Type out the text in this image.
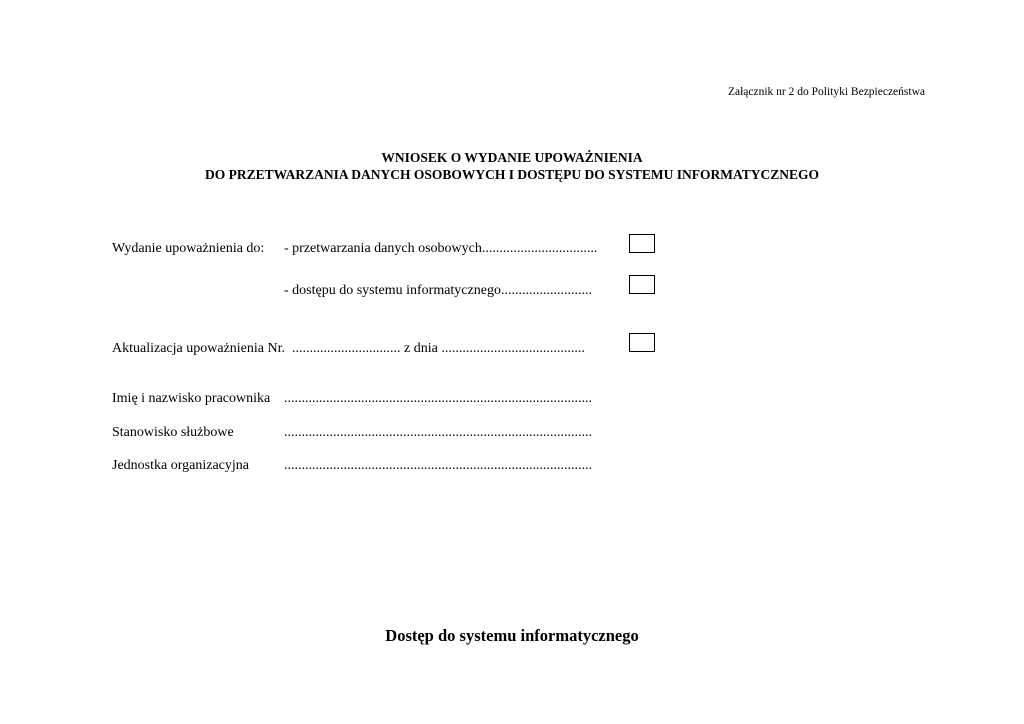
Załącznik nr 2 do Polityki Bezpieczeństwa
WNIOSEK O WYDANIE UPOWAŻNIENIA
DO PRZETWARZANIA DANYCH OSOBOWYCH I DOSTĘPU DO SYSTEMU INFORMATYCZNEGO
Wydanie upoważnienia do: - przetwarzania danych osobowych.................................
- dostępu do systemu informatycznego..........................
Aktualizacja upoważnienia Nr. ............................... z dnia .........................................
Imię i nazwisko pracownika ........................................................................................
Stanowisko służbowe	........................................................................................
Jednostka organizacyjna	........................................................................................
Dostęp do systemu informatycznego
